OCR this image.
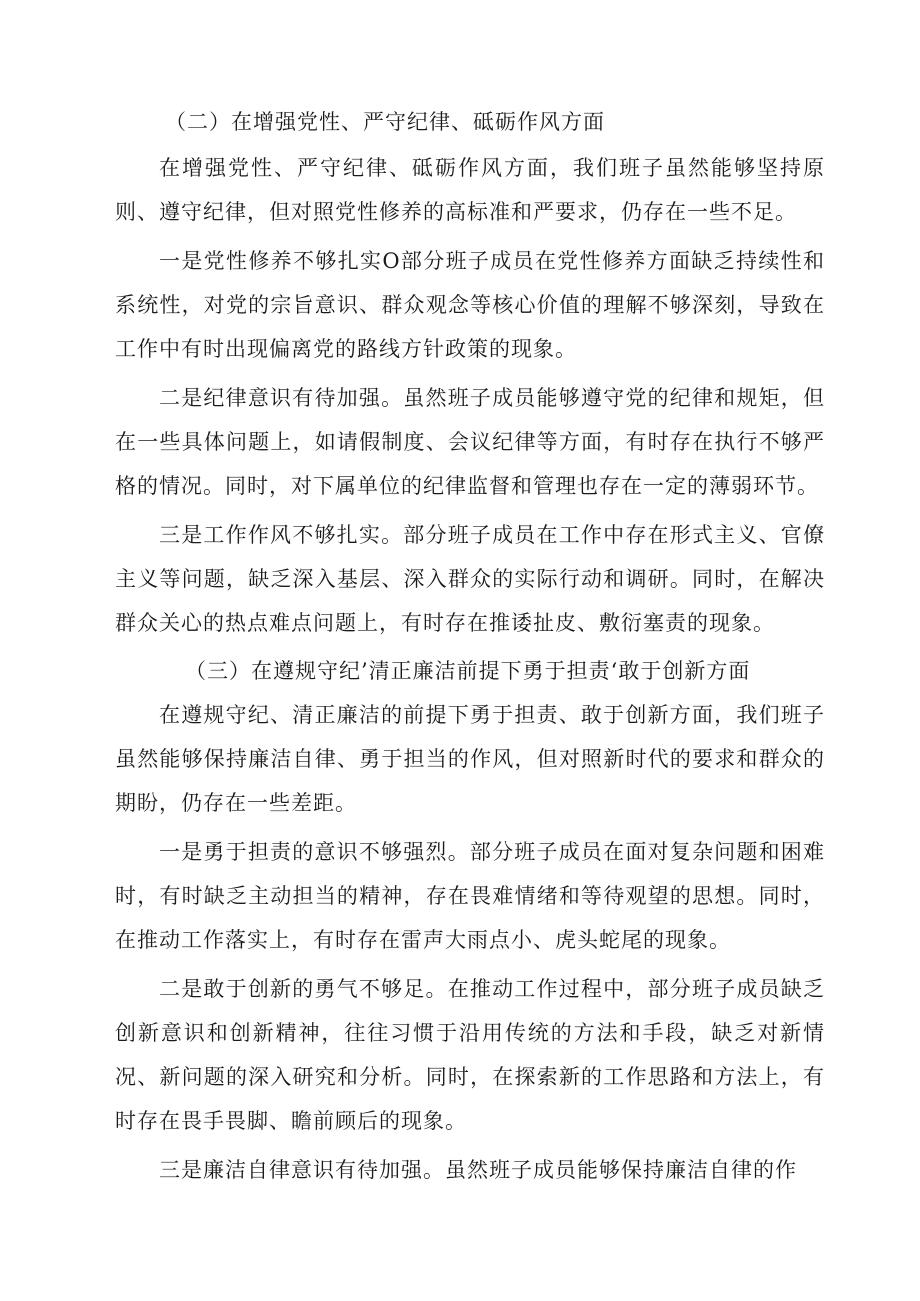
（二）在增强党性、严守纪律、砥砺作风方面

在增强党性、严守纪律、砥砺作风方面，我们班子虽然能够坚持原则、遵守纪律，但对照党性修养的高标准和严要求，仍存在一些不足。

一是党性修养不够扎实O部分班子成员在党性修养方面缺乏持续性和系统性，对党的宗旨意识、群众观念等核心价值的理解不够深刻，导致在工作中有时出现偏离党的路线方针政策的现象。

二是纪律意识有待加强。虽然班子成员能够遵守党的纪律和规矩，但在一些具体问题上，如请假制度、会议纪律等方面，有时存在执行不够严格的情况。同时，对下属单位的纪律监督和管理也存在一定的薄弱环节。

三是工作作风不够扎实。部分班子成员在工作中存在形式主义、官僚主义等问题，缺乏深入基层、深入群众的实际行动和调研。同时，在解决群众关心的热点难点问题上，有时存在推诿扯皮、敷衍塞责的现象。

（三）在遵规守纪’清正廉洁前提下勇于担责‘敢于创新方面

在遵规守纪、清正廉洁的前提下勇于担责、敢于创新方面，我们班子虽然能够保持廉洁自律、勇于担当的作风，但对照新时代的要求和群众的期盼，仍存在一些差距。

一是勇于担责的意识不够强烈。部分班子成员在面对复杂问题和困难时，有时缺乏主动担当的精神，存在畏难情绪和等待观望的思想。同时，在推动工作落实上，有时存在雷声大雨点小、虎头蛇尾的现象。

二是敢于创新的勇气不够足。在推动工作过程中，部分班子成员缺乏创新意识和创新精神，往往习惯于沿用传统的方法和手段，缺乏对新情况、新问题的深入研究和分析。同时，在探索新的工作思路和方法上，有时存在畏手畏脚、瞻前顾后的现象。

三是廉洁自律意识有待加强。虽然班子成员能够保持廉洁自律的作
